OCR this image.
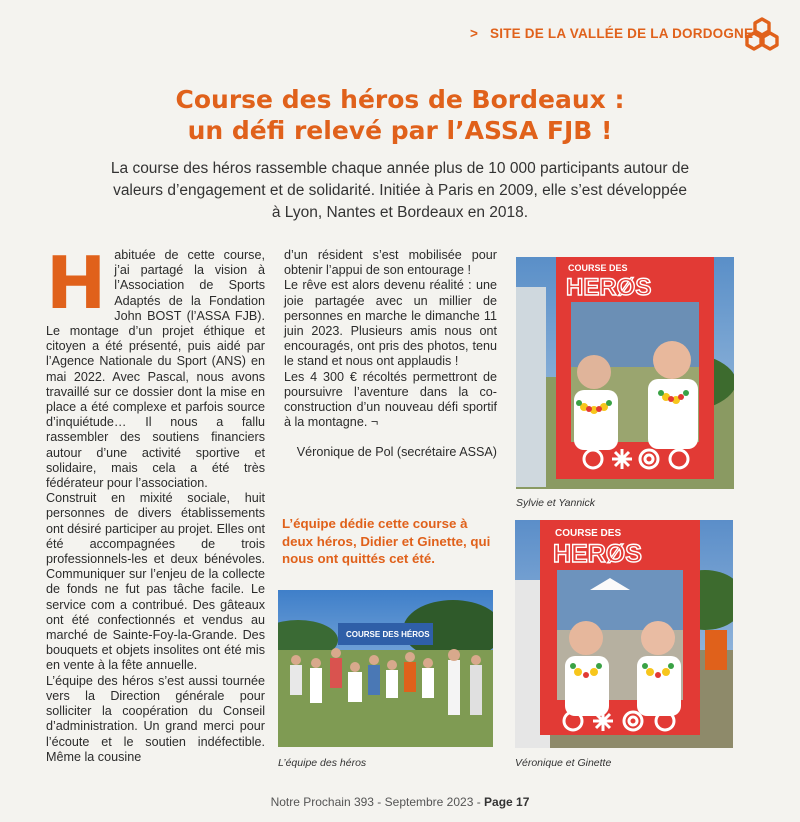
> SITE DE LA VALLÉE DE LA DORDOGNE
Course des héros de Bordeaux :
un défi relevé par l’ASSA FJB !
La course des héros rassemble chaque année plus de 10 000 participants autour de valeurs d’engagement et de solidarité. Initiée à Paris en 2009, elle s’est développée à Lyon, Nantes et Bordeaux en 2018.
H abituée de cette course, j’ai partagé la vision à l’Association de Sports Adaptés de la Fondation John BOST (l’ASSA FJB). Le montage d’un projet éthique et citoyen a été présenté, puis aidé par l’Agence Nationale du Sport (ANS) en mai 2022. Avec Pascal, nous avons travaillé sur ce dossier dont la mise en place a été complexe et parfois source d’inquiétude… Il nous a fallu rassembler des soutiens financiers autour d’une activité sportive et solidaire, mais cela a été très fédérateur pour l’association.

Construit en mixité sociale, huit personnes de divers établissements ont désiré participer au projet. Elles ont été accompagnées de trois professionnels-les et deux bénévoles. Communiquer sur l’enjeu de la collecte de fonds ne fut pas tâche facile. Le service com a contribué. Des gâteaux ont été confectionnés et vendus au marché de Sainte-Foy-la-Grande. Des bouquets et objets insolites ont été mis en vente à la fête annuelle.

L’équipe des héros s’est aussi tournée vers la Direction générale pour solliciter la coopération du Conseil d’administration. Un grand merci pour l’écoute et le soutien indéfectible. Même la cousine

d’un résident s’est mobilisée pour obtenir l’appui de son entourage !

Le rêve est alors devenu réalité : une joie partagée avec un millier de personnes en marche le dimanche 11 juin 2023. Plusieurs amis nous ont encouragés, ont pris des photos, tenu le stand et nous ont applaudis !

Les 4 300 € récoltés permettront de poursuivre l’aventure dans la co-construction d’un nouveau défi sportif à la montagne. ¬

Véronique de Pol (secrétaire ASSA)

L’équipe dédie cette course à deux héros, Didier et Ginette, qui nous ont quittés cet été.
COURSE DES
HERØS
Sylvie et Yannick
COURSE DES HÉROS
L’équipe des héros
COURSE DES
HERØS
Véronique et Ginette
Notre Prochain 393 - Septembre 2023 - Page 17
